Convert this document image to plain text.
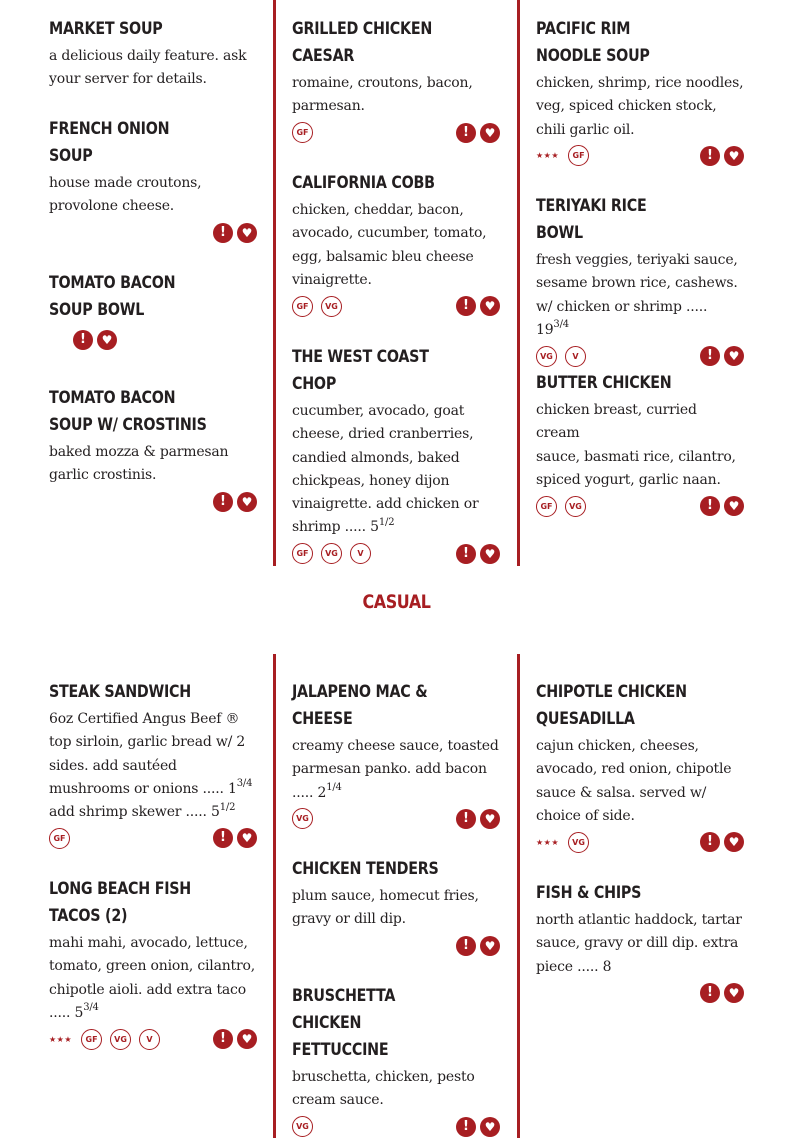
MARKET SOUP
a delicious daily feature. ask
your server for details.
FRENCH ONION
SOUP
house made croutons,
provolone cheese.
!	♥
TOMATO BACON
SOUP BOWL
!	♥
TOMATO BACON
SOUP W/ CROSTINIS
baked mozza & parmesan
garlic crostinis.
!	♥
STEAK SANDWICH
6oz Certified Angus Beef ®
top sirloin, garlic bread w/ 2
sides. add sautéed
mushrooms or onions ..... $1^{3/4}$
add shrimp skewer ..... $5^{1/2}$
GF	!	♥
LONG BEACH FISH
TACOS (2)
mahi mahi, avocado, lettuce,
tomato, green onion, cilantro,
chipotle aioli. add extra taco
..... $5^{3/4}$
★★★	GF	VG	V	!	♥
GRILLED CHICKEN
CAESAR
romaine, croutons, bacon,
parmesan.
GF	!	♥
CALIFORNIA COBB
chicken, cheddar, bacon,
avocado, cucumber, tomato,
egg, balsamic bleu cheese
vinaigrette.
GF	VG	!	♥
THE WEST COAST
CHOP
cucumber, avocado, goat
cheese, dried cranberries,
candied almonds, baked
chickpeas, honey dijon
vinaigrette. add chicken or
shrimp ..... $5^{1/2}$
GF	VG	V	!	♥
JALAPENO MAC &
CHEESE
creamy cheese sauce, toasted
parmesan panko. add bacon
..... $2^{1/4}$
VG	!	♥
CHICKEN TENDERS
plum sauce, homecut fries,
gravy or dill dip.
!	♥
BRUSCHETTA
CHICKEN
FETTUCCINE
bruschetta, chicken, pesto
cream sauce.
VG	!	♥
PACIFIC RIM
NOODLE SOUP
chicken, shrimp, rice noodles,
veg, spiced chicken stock,
chili garlic oil.
★★★	GF	!	♥
TERIYAKI RICE
BOWL
fresh veggies, teriyaki sauce,
sesame brown rice, cashews.
w/ chicken or shrimp ..... $19^{3/4}$
VG	V	!	♥
BUTTER CHICKEN
chicken breast, curried cream
sauce, basmati rice, cilantro,
spiced yogurt, garlic naan.
GF	VG	!	♥
CHIPOTLE CHICKEN
QUESADILLA
cajun chicken, cheeses,
avocado, red onion, chipotle
sauce & salsa. served w/
choice of side.
★★★	VG	!	♥
FISH & CHIPS
north atlantic haddock, tartar
sauce, gravy or dill dip. extra
piece ..... 8
!	♥
CASUAL
